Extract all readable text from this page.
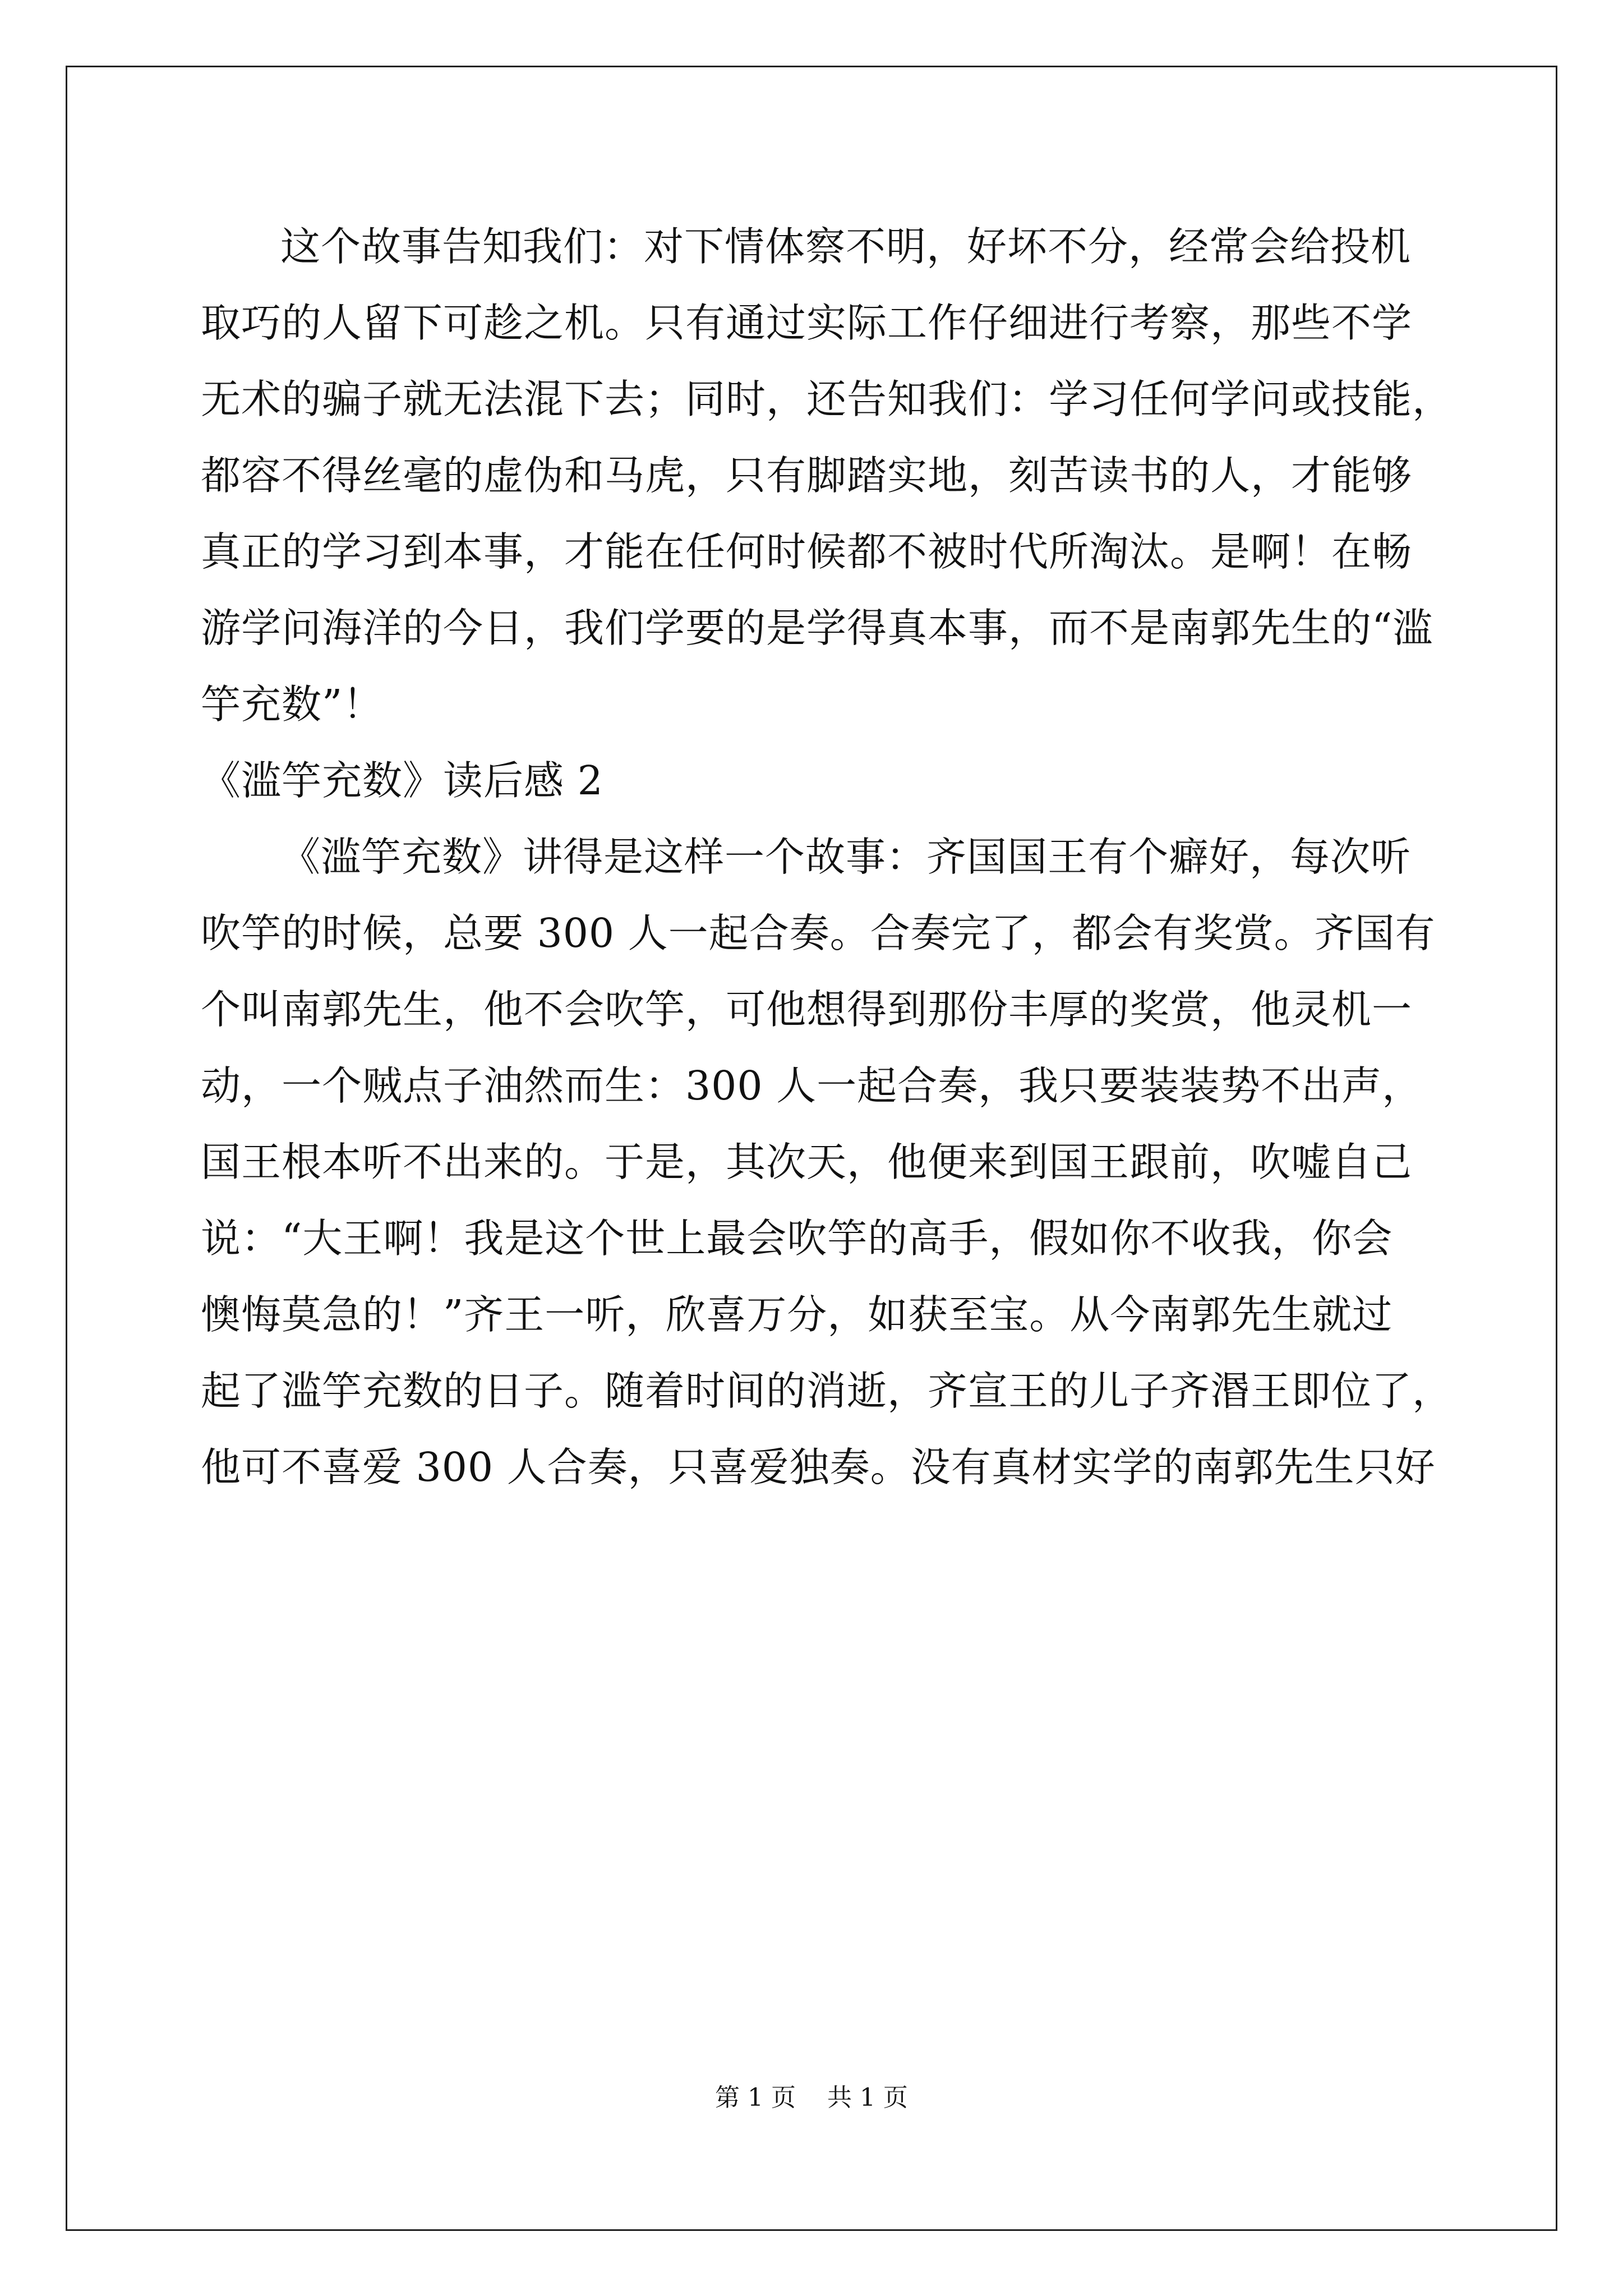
这个故事告知我们：对下情体察不明，好坏不分，经常会给投机
取巧的人留下可趁之机。只有通过实际工作仔细进行考察，那些不学
无术的骗子就无法混下去；同时，还告知我们：学习任何学问或技能，
都容不得丝毫的虚伪和马虎，只有脚踏实地，刻苦读书的人，才能够
真正的学习到本事，才能在任何时候都不被时代所淘汰。是啊！在畅
游学问海洋的今日，我们学要的是学得真本事，而不是南郭先生的“滥
竽充数”！
《滥竽充数》读后感 2
《滥竽充数》讲得是这样一个故事：齐国国王有个癖好，每次听
吹竽的时候，总要 300 人一起合奏。合奏完了，都会有奖赏。齐国有
个叫南郭先生，他不会吹竽，可他想得到那份丰厚的奖赏，他灵机一
动，一个贼点子油然而生：300 人一起合奏，我只要装装势不出声，
国王根本听不出来的。于是，其次天，他便来到国王跟前，吹嘘自己
说：“大王啊！我是这个世上最会吹竽的高手，假如你不收我，你会
懊悔莫急的！”齐王一听，欣喜万分，如获至宝。从今南郭先生就过
起了滥竽充数的日子。随着时间的消逝，齐宣王的儿子齐湣王即位了，
他可不喜爱 300 人合奏，只喜爱独奏。没有真材实学的南郭先生只好
第 1 页    共 1 页
